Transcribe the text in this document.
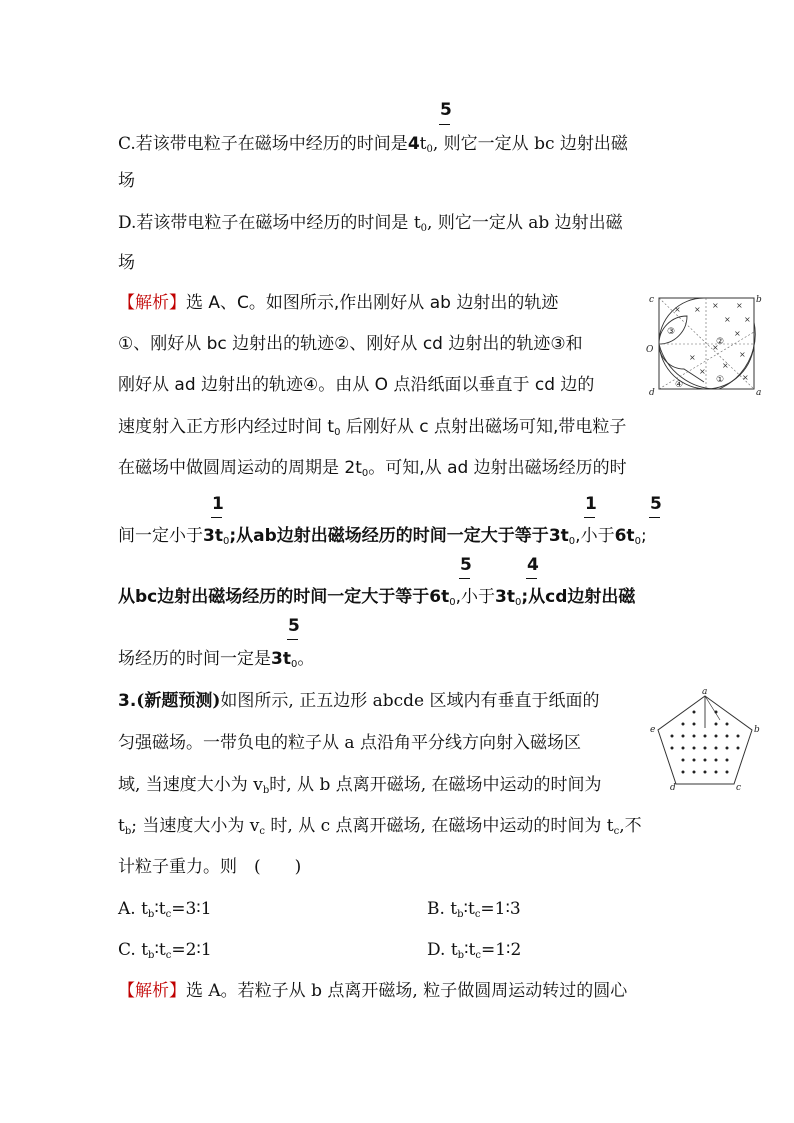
5
C.若该带电粒子在磁场中经历的时间是$4t_0$, 则它一定从 bc 边射出磁
场
D.若该带电粒子在磁场中经历的时间是 $t_0$, 则它一定从 ab 边射出磁
场
【解析】选 A、C。如图所示,作出刚好从 ab 边射出的轨迹
①、刚好从 bc 边射出的轨迹②、刚好从 cd 边射出的轨迹③和
刚好从 ad 边射出的轨迹④。由从 O 点沿纸面以垂直于 cd 边的
速度射入正方形内经过时间 $t_0$ 后刚好从 c 点射出磁场可知,带电粒子
在磁场中做圆周运动的周期是 $2t_0$。可知,从 ad 边射出磁场经历的时
1	1	5
间一定小于$3t_0$;从ab边射出磁场经历的时间一定大于等于$3t_0$,小于$6t_0$;
5	4
从bc边射出磁场经历的时间一定大于等于$6t_0$,小于$3t_0$;从cd边射出磁
5
场经历的时间一定是$3t_0$。
c	b
O
d	a
× ×
× ×
× ×
×
×
×
×
×
×
×
③
②
④	①
3.(新题预测)如图所示, 正五边形 abcde 区域内有垂直于纸面的
匀强磁场。一带负电的粒子从 a 点沿角平分线方向射入磁场区
域, 当速度大小为 $v_b$时, 从 b 点离开磁场, 在磁场中运动的时间为
$t_b$; 当速度大小为 $v_c$ 时, 从 c 点离开磁场, 在磁场中运动的时间为 $t_c$,不
计粒子重力。则　(　　)
A. $t_b∶t_c=3∶1$	B. $t_b∶t_c=1∶3$
C. $t_b∶t_c=2∶1$	D. $t_b∶t_c=1∶2$
a
e	b
d	c
【解析】选 A。若粒子从 b 点离开磁场, 粒子做圆周运动转过的圆心
